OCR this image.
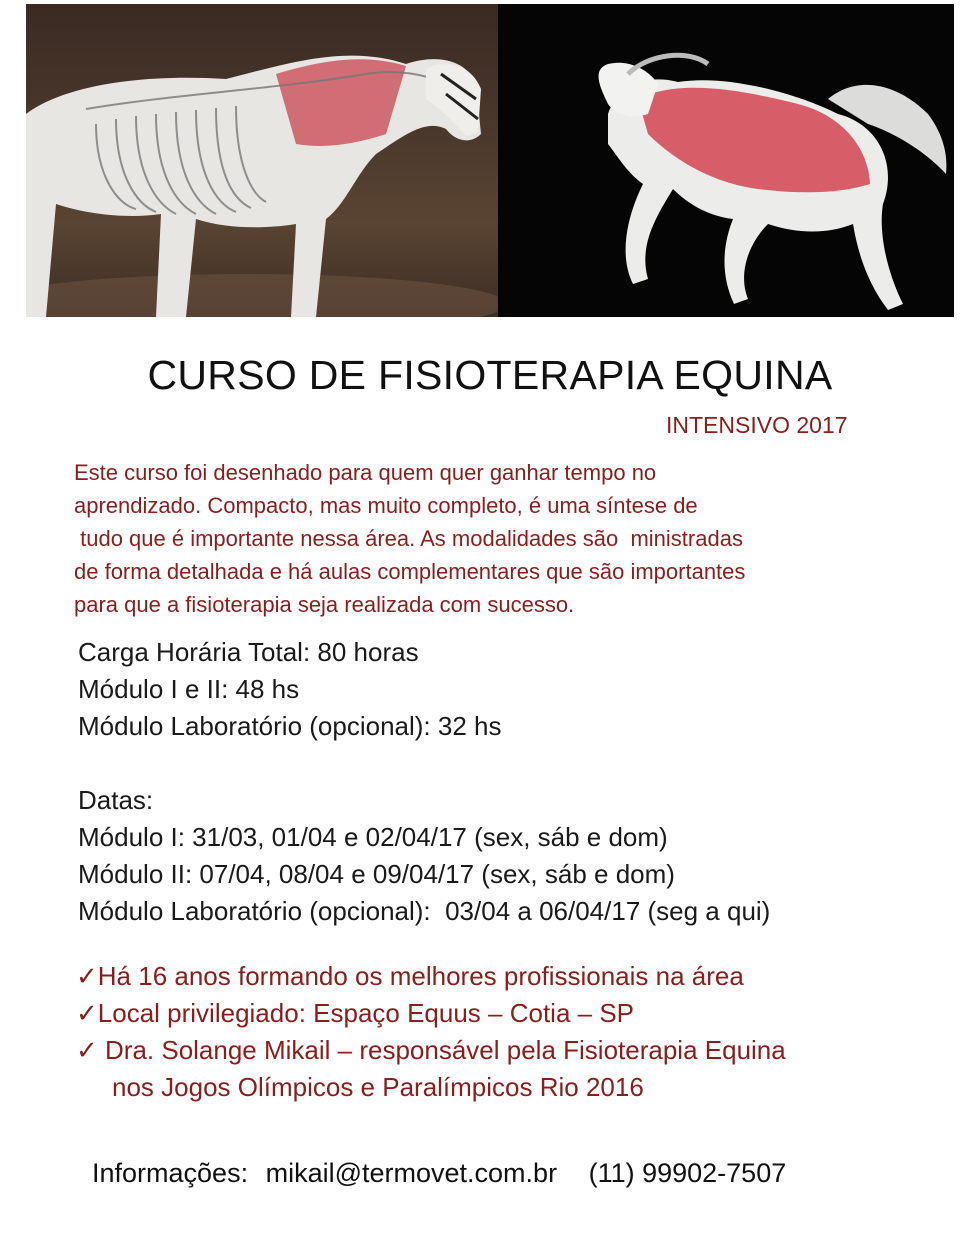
CURSO DE FISIOTERAPIA EQUINA
INTENSIVO 2017
Este curso foi desenhado para quem quer ganhar tempo no
aprendizado. Compacto, mas muito completo, é uma síntese de
tudo que é importante nessa área. As modalidades são  ministradas
de forma detalhada e há aulas complementares que são importantes
para que a fisioterapia seja realizada com sucesso.
Carga Horária Total: 80 horas
Módulo I e II: 48 hs
Módulo Laboratório (opcional): 32 hs
Datas:
Módulo I: 31/03, 01/04 e 02/04/17 (sex, sáb e dom)
Módulo II: 07/04, 08/04 e 09/04/17 (sex, sáb e dom)
Módulo Laboratório (opcional):  03/04 a 06/04/17 (seg a qui)
✓Há 16 anos formando os melhores profissionais na área
✓Local privilegiado: Espaço Equus – Cotia – SP
✓ Dra. Solange Mikail – responsável pela Fisioterapia Equina
nos Jogos Olímpicos e Paralímpicos Rio 2016
Informações: mikail@termovet.com.br (11) 99902-7507
